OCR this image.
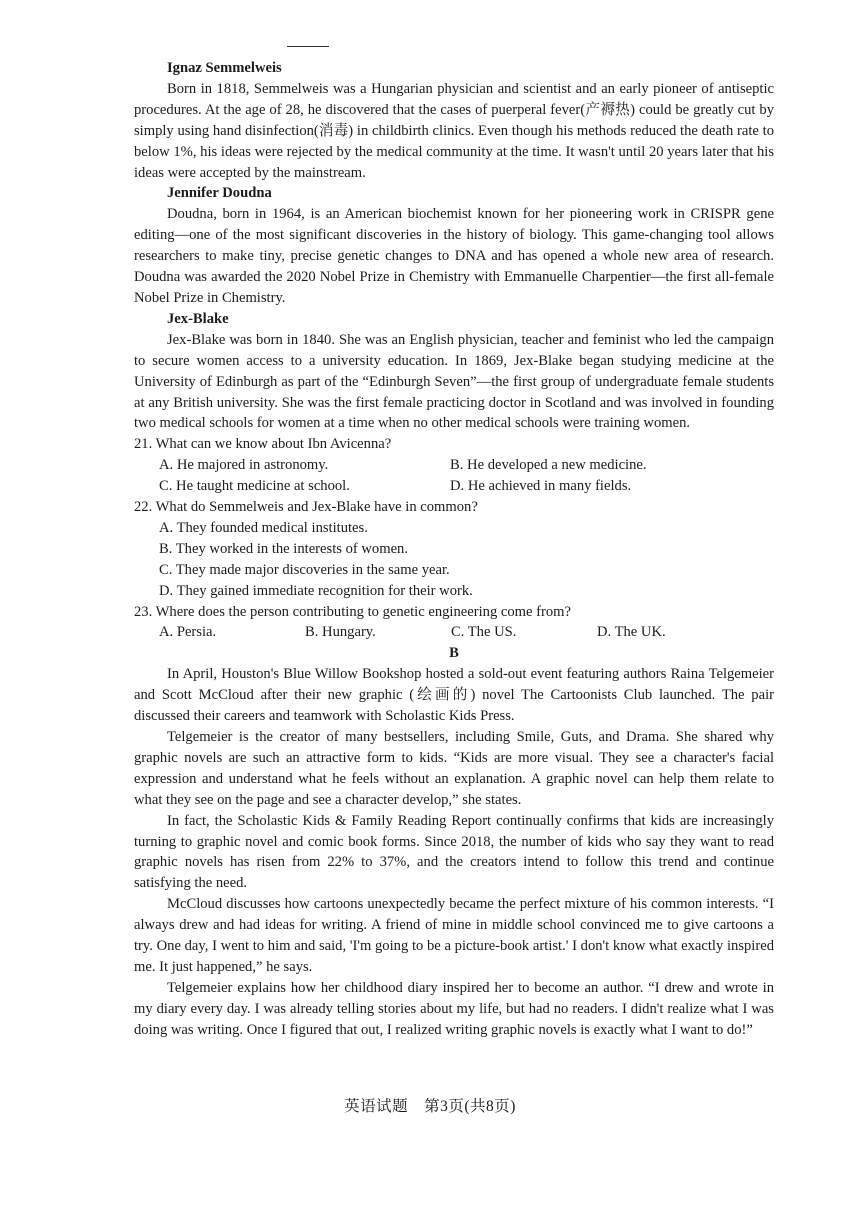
Ignaz Semmelweis

Born in 1818, Semmelweis was a Hungarian physician and scientist and an early pioneer of antiseptic procedures. At the age of 28, he discovered that the cases of puerperal fever(产褥热) could be greatly cut by simply using hand disinfection(消毒) in childbirth clinics. Even though his methods reduced the death rate to below 1%, his ideas were rejected by the medical community at the time. It wasn't until 20 years later that his ideas were accepted by the mainstream.

Jennifer Doudna

Doudna, born in 1964, is an American biochemist known for her pioneering work in CRISPR gene editing—one of the most significant discoveries in the history of biology. This game-changing tool allows researchers to make tiny, precise genetic changes to DNA and has opened a whole new area of research. Doudna was awarded the 2020 Nobel Prize in Chemistry with Emmanuelle Charpentier—the first all-female Nobel Prize in Chemistry.

Jex-Blake

Jex-Blake was born in 1840. She was an English physician, teacher and feminist who led the campaign to secure women access to a university education. In 1869, Jex-Blake began studying medicine at the University of Edinburgh as part of the “Edinburgh Seven”—the first group of undergraduate female students at any British university. She was the first female practicing doctor in Scotland and was involved in founding two medical schools for women at a time when no other medical schools were training women.

21. What can we know about Ibn Avicenna?

A. He majored in astronomy.	B. He developed a new medicine.
C. He taught medicine at school.	D. He achieved in many fields.

22. What do Semmelweis and Jex-Blake have in common?

A. They founded medical institutes.

B. They worked in the interests of women.

C. They made major discoveries in the same year.

D. They gained immediate recognition for their work.

23. Where does the person contributing to genetic engineering come from?

A. Persia.	B. Hungary.	C. The US.	D. The UK.

B

In April, Houston's Blue Willow Bookshop hosted a sold-out event featuring authors Raina Telgemeier and Scott McCloud after their new graphic (绘画的) novel The Cartoonists Club launched. The pair discussed their careers and teamwork with Scholastic Kids Press.

Telgemeier is the creator of many bestsellers, including Smile, Guts, and Drama. She shared why graphic novels are such an attractive form to kids. “Kids are more visual. They see a character's facial expression and understand what he feels without an explanation. A graphic novel can help them relate to what they see on the page and see a character develop,” she states.

In fact, the Scholastic Kids & Family Reading Report continually confirms that kids are increasingly turning to graphic novel and comic book forms. Since 2018, the number of kids who say they want to read graphic novels has risen from 22% to 37%, and the creators intend to follow this trend and continue satisfying the need.

McCloud discusses how cartoons unexpectedly became the perfect mixture of his common interests. “I always drew and had ideas for writing. A friend of mine in middle school convinced me to give cartoons a try. One day, I went to him and said, 'I'm going to be a picture-book artist.' I don't know what exactly inspired me. It just happened,” he says.

Telgemeier explains how her childhood diary inspired her to become an author. “I drew and wrote in my diary every day. I was already telling stories about my life, but had no readers. I didn't realize what I was doing was writing. Once I figured that out, I realized writing graphic novels is exactly what I want to do!”

英语试题　第3页(共8页)
